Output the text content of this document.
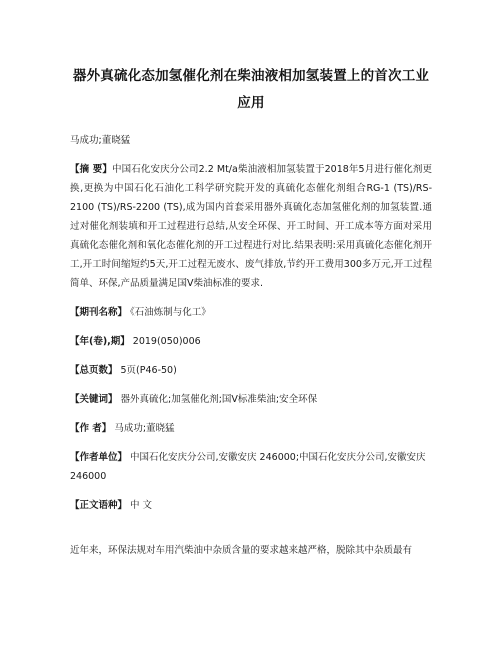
器外真硫化态加氢催化剂在柴油液相加氢装置上的首次工业应用
马成功;董晓猛
【摘 要】中国石化安庆分公司2.2 Mt/a柴油液相加氢装置于2018年5月进行催化剂更换,更换为中国石化石油化工科学研究院开发的真硫化态催化剂组合RG-1 (TS)/RS-2100 (TS)/RS-2200 (TS),成为国内首套采用器外真硫化态加氢催化剂的加氢装置.通过对催化剂装填和开工过程进行总结,从安全环保、开工时间、开工成本等方面对采用真硫化态催化剂和氧化态催化剂的开工过程进行对比.结果表明:采用真硫化态催化剂开工,开工时间缩短约5天,开工过程无废水、废气排放,节约开工费用300多万元,开工过程简单、环保,产品质量满足国Ⅴ柴油标准的要求.
【期刊名称】 《石油炼制与化工》
【年(卷),期】 2019(050)006
【总页数】 5页(P46-50)
【关键词】 器外真硫化;加氢催化剂;国Ⅴ标准柴油;安全环保
【作 者】 马成功;董晓猛
【作者单位】 中国石化安庆分公司,安徽安庆 246000;中国石化安庆分公司,安徽安庆 246000
【正文语种】 中 文
近年来，环保法规对车用汽柴油中杂质含量的要求越来越严格，脱除其中杂质最有
